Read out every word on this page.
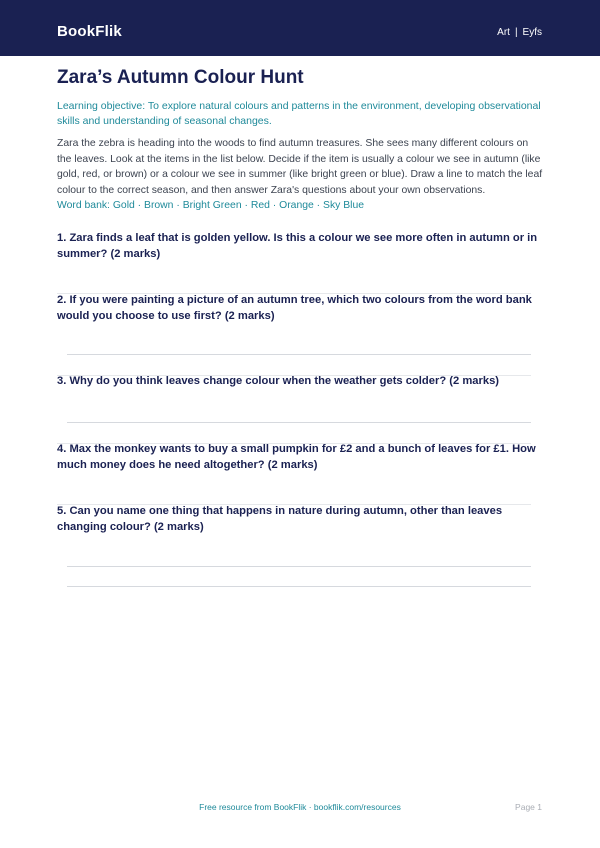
BookFlik	Art | Eyfs
Zara’s Autumn Colour Hunt

Learning objective: To explore natural colours and patterns in the environment, developing observational skills and understanding of seasonal changes.

Zara the zebra is heading into the woods to find autumn treasures. She sees many different colours on the leaves. Look at the items in the list below. Decide if the item is usually a colour we see in autumn (like gold, red, or brown) or a colour we see in summer (like bright green or blue). Draw a line to match the leaf colour to the correct season, and then answer Zara's questions about your own observations.

Word bank: Gold · Brown · Bright Green · Red · Orange · Sky Blue

1. Zara finds a leaf that is golden yellow. Is this a colour we see more often in autumn or in summer? (2 marks)
2. If you were painting a picture of an autumn tree, which two colours from the word bank would you choose to use first? (2 marks)
3. Why do you think leaves change colour when the weather gets colder? (2 marks)
4. Max the monkey wants to buy a small pumpkin for £2 and a bunch of leaves for £1. How much money does he need altogether? (2 marks)
5. Can you name one thing that happens in nature during autumn, other than leaves changing colour? (2 marks)
Free resource from BookFlik · bookflik.com/resources	Page 1
